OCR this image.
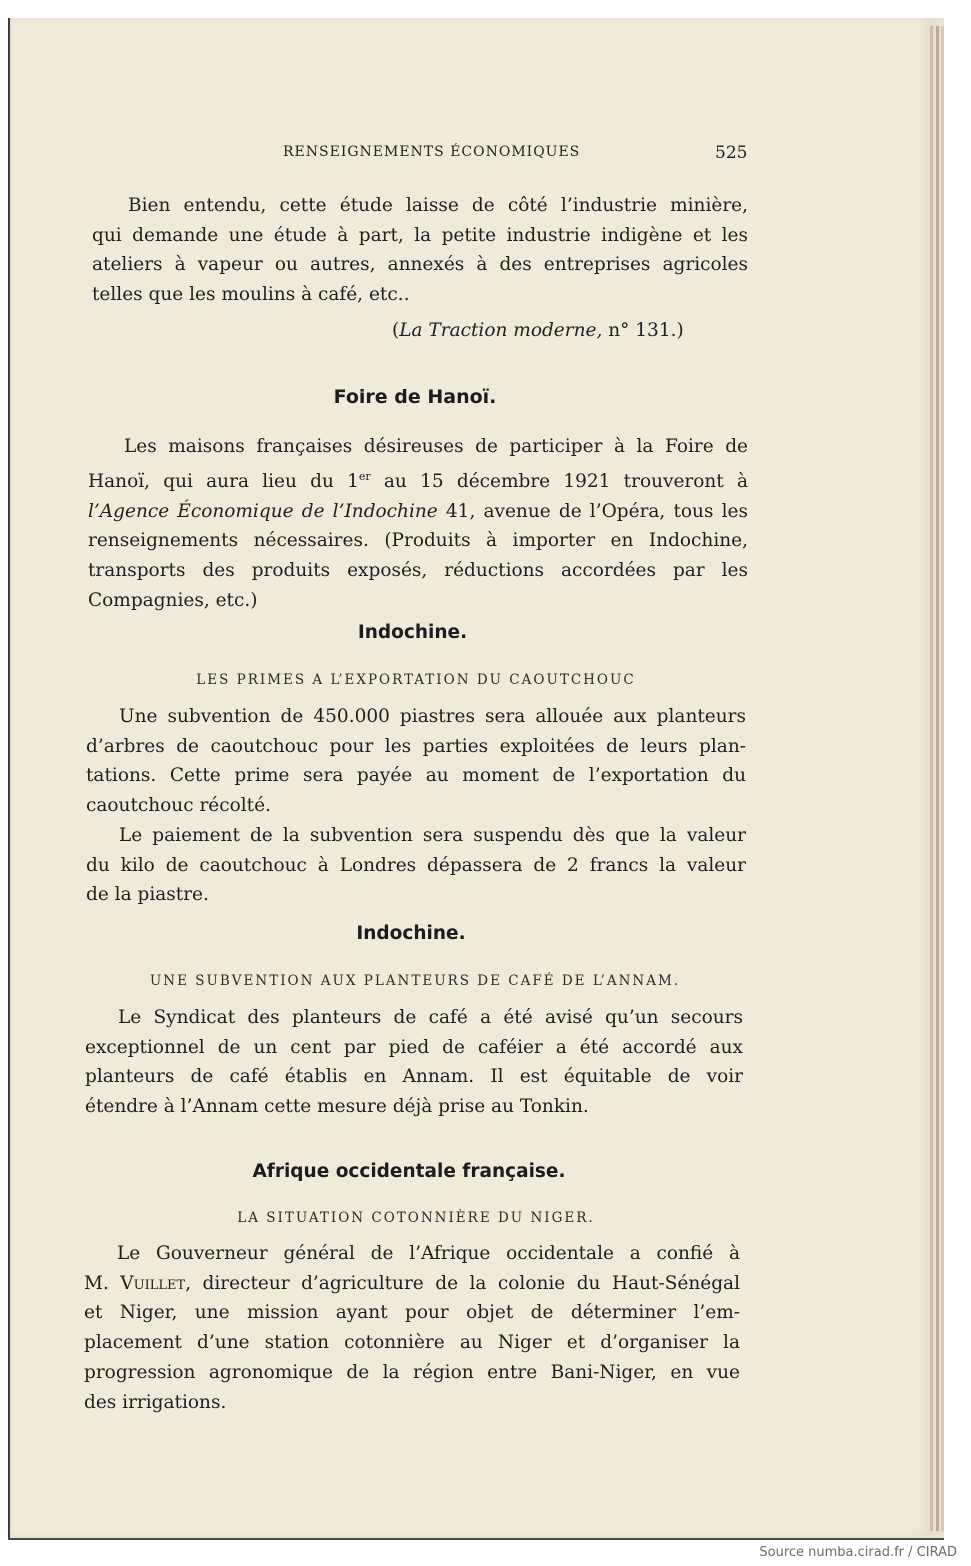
RENSEIGNEMENTS ÉCONOMIQUES	525
Bien entendu, cette étude laisse de côté l’industrie minière,
qui demande une étude à part, la petite industrie indigène et les
ateliers à vapeur ou autres, annexés à des entreprises agricoles
telles que les moulins à café, etc..
(La Traction moderne, n° 131.)
Foire de Hanoï.
Les maisons françaises désireuses de participer à la Foire de
Hanoï, qui aura lieu du 1er au 15 décembre 1921 trouveront à
l’Agence Économique de l’Indochine 41, avenue de l’Opéra, tous les
renseignements nécessaires. (Produits à importer en Indochine,
transports des produits exposés, réductions accordées par les
Compagnies, etc.)
Indochine.
LES PRIMES A L’EXPORTATION DU CAOUTCHOUC
Une subvention de 450.000 piastres sera allouée aux planteurs
d’arbres de caoutchouc pour les parties exploitées de leurs plan-
tations. Cette prime sera payée au moment de l’exportation du
caoutchouc récolté.
Le paiement de la subvention sera suspendu dès que la valeur
du kilo de caoutchouc à Londres dépassera de 2 francs la valeur
de la piastre.
Indochine.
UNE SUBVENTION AUX PLANTEURS DE CAFÉ DE L’ANNAM.
Le Syndicat des planteurs de café a été avisé qu’un secours
exceptionnel de un cent par pied de caféier a été accordé aux
planteurs de café établis en Annam. Il est équitable de voir
étendre à l’Annam cette mesure déjà prise au Tonkin.
Afrique occidentale française.
LA SITUATION COTONNIÈRE DU NIGER.
Le Gouverneur général de l’Afrique occidentale a confié à
M. Vuillet, directeur d’agriculture de la colonie du Haut-Sénégal
et Niger, une mission ayant pour objet de déterminer l’em-
placement d’une station cotonnière au Niger et d’organiser la
progression agronomique de la région entre Bani-Niger, en vue
des irrigations.
Source numba.cirad.fr / CIRAD
